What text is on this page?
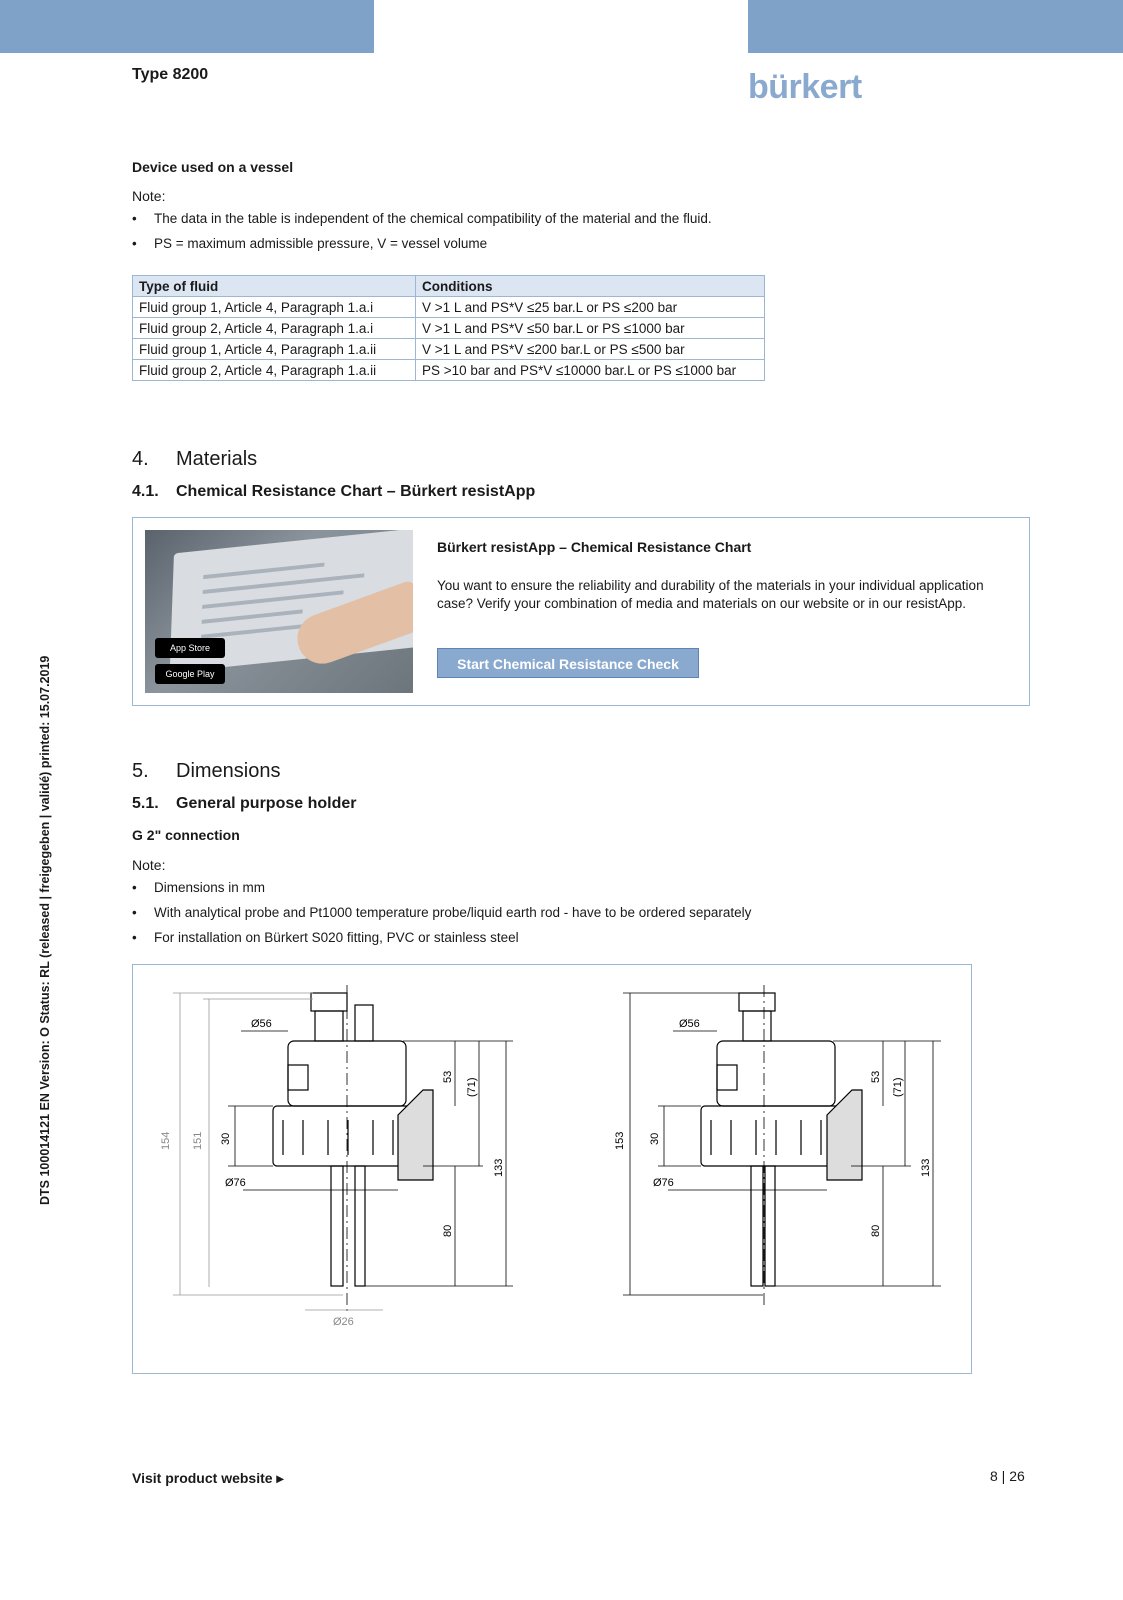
Type 8200	bürkert
DTS 100014121 EN Version: O Status: RL (released | freigegeben | validé) printed: 15.07.2019
Device used on a vessel
Note:
• The data in the table is independent of the chemical compatibility of the material and the fluid.
• PS = maximum admissible pressure, V = vessel volume
Type of fluid	Conditions
Fluid group 1, Article 4, Paragraph 1.a.i	V >1 L and PS*V ≤25 bar.L or PS ≤200 bar
Fluid group 2, Article 4, Paragraph 1.a.i	V >1 L and PS*V ≤50 bar.L or PS ≤1000 bar
Fluid group 1, Article 4, Paragraph 1.a.ii	V >1 L and PS*V ≤200 bar.L or PS ≤500 bar
Fluid group 2, Article 4, Paragraph 1.a.ii	PS >10 bar and PS*V ≤10000 bar.L or PS ≤1000 bar
4. Materials
4.1. Chemical Resistance Chart – Bürkert resistApp
App Store
Google Play
Bürkert resistApp – Chemical Resistance Chart
You want to ensure the reliability and durability of the materials in your individual application case? Verify your combination of media and materials on our website or in our resistApp.
Start Chemical Resistance Check
5. Dimensions
5.1. General purpose holder
G 2" connection
Note:
• Dimensions in mm
• With analytical probe and Pt1000 temperature probe/liquid earth rod - have to be ordered separately
• For installation on Bürkert S020 fitting, PVC or stainless steel
Ø56
Ø76
Ø26
154 151 30
53
(71)
133
80
Ø56
Ø76
153 30
53
(71)
133
80
Visit product website ▸	8 | 26
